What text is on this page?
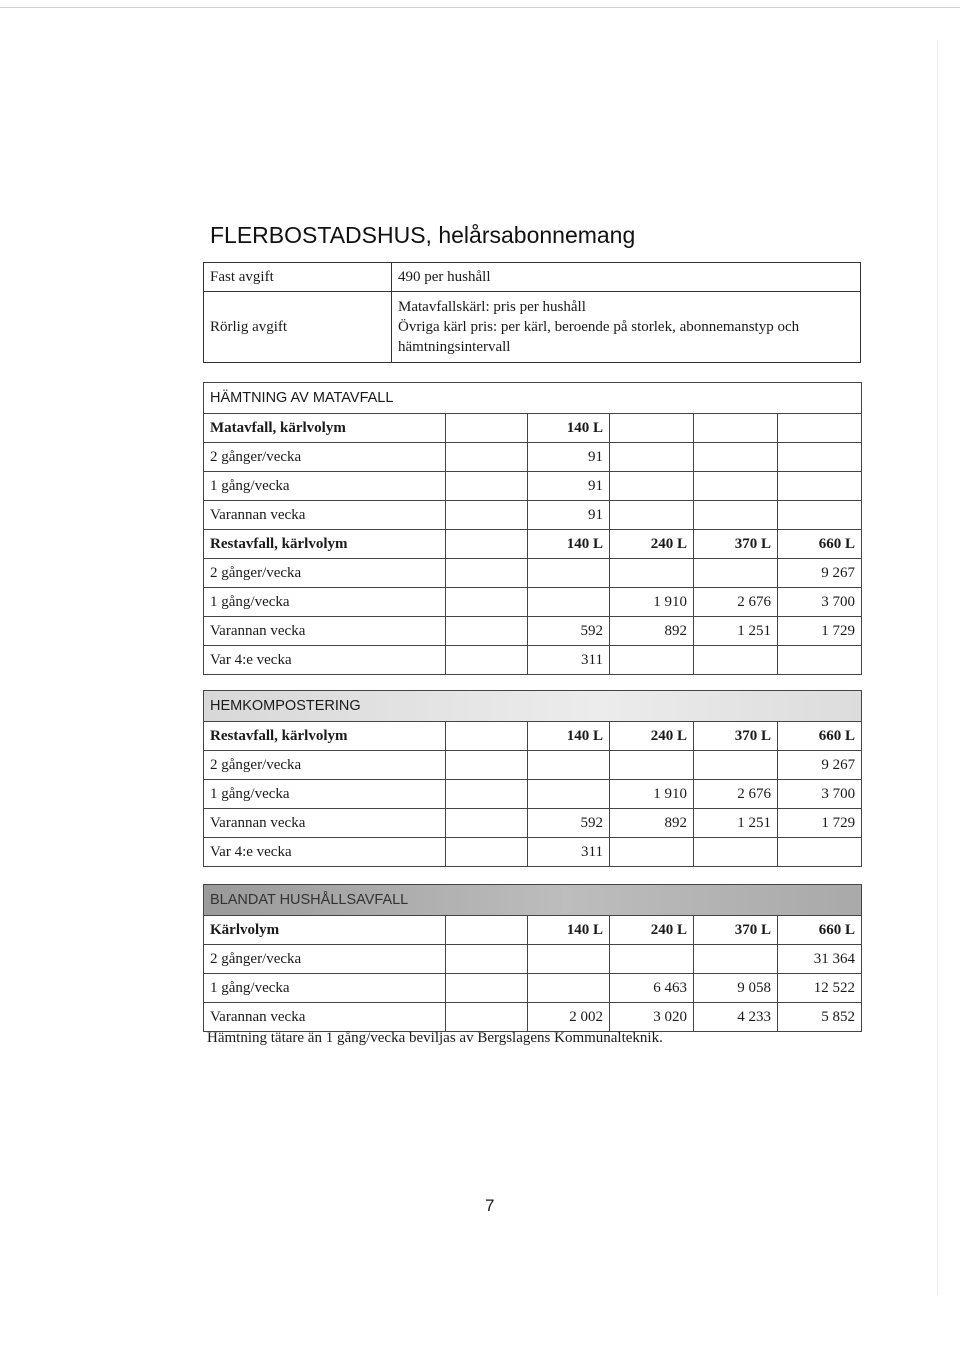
FLERBOSTADSHUS, helårsabonnemang
Fast avgift	490 per hushåll
Rörlig avgift	Matavfallskärl: pris per hushåll
Övriga kärl pris: per kärl, beroende på storlek, abonnemanstyp och hämtningsintervall
HÄMTNING AV MATAVFALL					
Matavfall, kärlvolym		140 L			
2 gånger/vecka		91			
1 gång/vecka		91			
Varannan vecka		91			
Restavfall, kärlvolym		140 L	240 L	370 L	660 L
2 gånger/vecka					9 267
1 gång/vecka			1 910	2 676	3 700
Varannan vecka		592	892	1 251	1 729
Var 4:e vecka		311			
HEMKOMPOSTERING					
Restavfall, kärlvolym		140 L	240 L	370 L	660 L
2 gånger/vecka					9 267
1 gång/vecka			1 910	2 676	3 700
Varannan vecka		592	892	1 251	1 729
Var 4:e vecka		311			
BLANDAT HUSHÅLLSAVFALL					
Kärlvolym		140 L	240 L	370 L	660 L
2 gånger/vecka					31 364
1 gång/vecka			6 463	9 058	12 522
Varannan vecka		2 002	3 020	4 233	5 852

Hämtning tätare än 1 gång/vecka beviljas av Bergslagens Kommunalteknik.

7
